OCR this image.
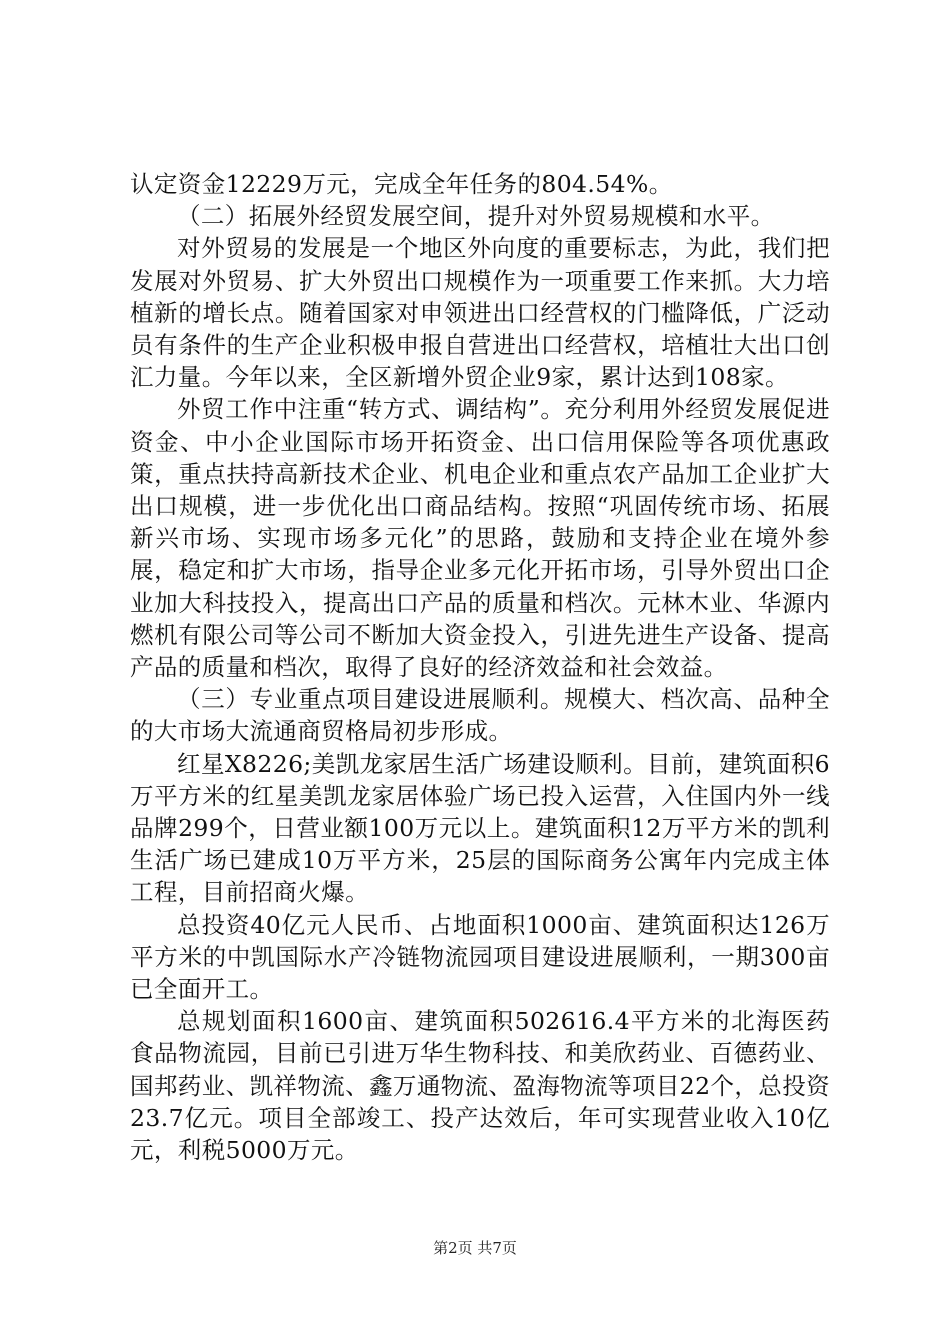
认定资金12229万元，完成全年任务的804.54%。

（二）拓展外经贸发展空间，提升对外贸易规模和水平。

对外贸易的发展是一个地区外向度的重要标志，为此，我们把发展对外贸易、扩大外贸出口规模作为一项重要工作来抓。大力培植新的增长点。随着国家对申领进出口经营权的门槛降低，广泛动员有条件的生产企业积极申报自营进出口经营权，培植壮大出口创汇力量。今年以来，全区新增外贸企业9家，累计达到108家。

外贸工作中注重“转方式、调结构”。充分利用外经贸发展促进资金、中小企业国际市场开拓资金、出口信用保险等各项优惠政策，重点扶持高新技术企业、机电企业和重点农产品加工企业扩大出口规模，进一步优化出口商品结构。按照“巩固传统市场、拓展新兴市场、实现市场多元化”的思路，鼓励和支持企业在境外参展，稳定和扩大市场，指导企业多元化开拓市场，引导外贸出口企业加大科技投入，提高出口产品的质量和档次。元林木业、华源内燃机有限公司等公司不断加大资金投入，引进先进生产设备、提高产品的质量和档次，取得了良好的经济效益和社会效益。

（三）专业重点项目建设进展顺利。规模大、档次高、品种全的大市场大流通商贸格局初步形成。

红星X8226;美凯龙家居生活广场建设顺利。目前，建筑面积6万平方米的红星美凯龙家居体验广场已投入运营，入住国内外一线品牌299个，日营业额100万元以上。建筑面积12万平方米的凯利生活广场已建成10万平方米，25层的国际商务公寓年内完成主体工程，目前招商火爆。

总投资40亿元人民币、占地面积1000亩、建筑面积达126万平方米的中凯国际水产冷链物流园项目建设进展顺利，一期300亩已全面开工。

总规划面积1600亩、建筑面积502616.4平方米的北海医药食品物流园，目前已引进万华生物科技、和美欣药业、百德药业、国邦药业、凯祥物流、鑫万通物流、盈海物流等项目22个，总投资23.7亿元。项目全部竣工、投产达效后，年可实现营业收入10亿元，利税5000万元。

第2页 共7页
